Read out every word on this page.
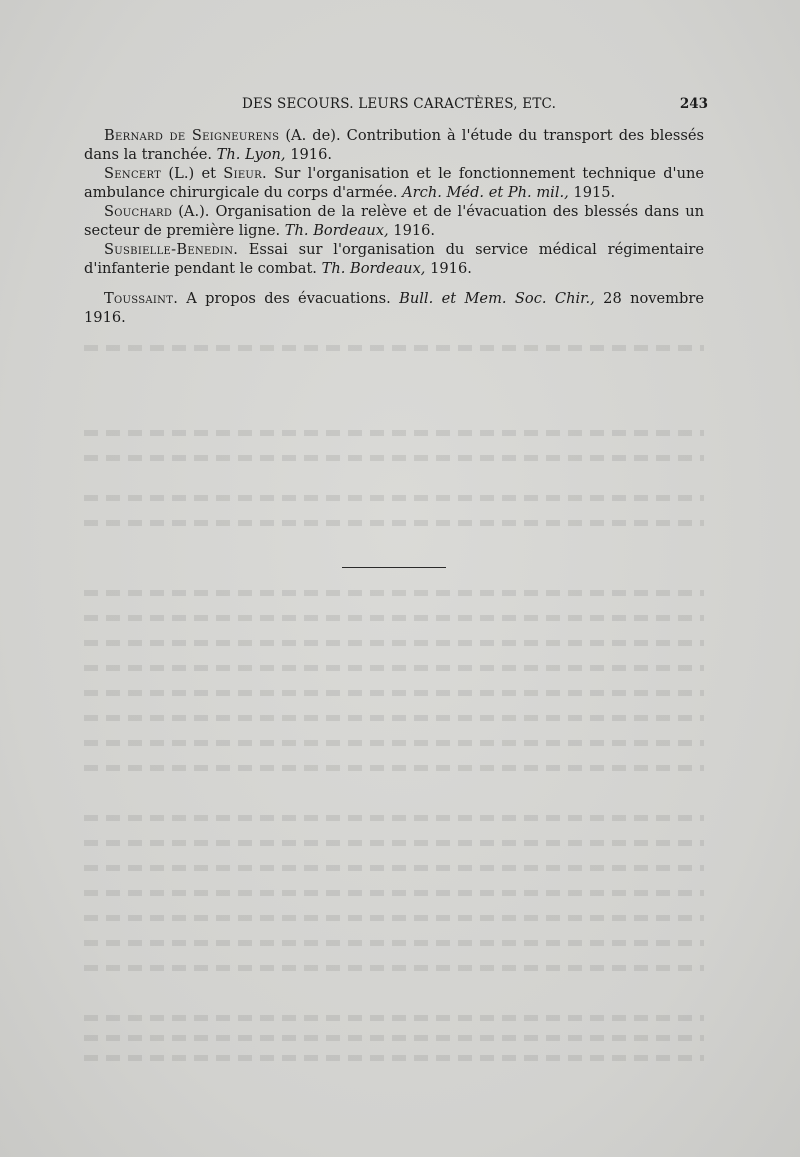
DES SECOURS. LEURS CARACTÈRES, ETC.	243

Bernard de Seigneurens (A. de). Contribution à l'étude du transport des blessés dans la tranchée. Th. Lyon, 1916.

Sencert (L.) et Sieur. Sur l'organisation et le fonctionnement technique d'une ambulance chirurgicale du corps d'armée. Arch. Méd. et Ph. mil., 1915.

Souchard (A.). Organisation de la relève et de l'évacuation des blessés dans un secteur de première ligne. Th. Bordeaux, 1916.

Susbielle-Benedin. Essai sur l'organisation du service médical régimentaire d'infanterie pendant le combat. Th. Bordeaux, 1916.

Toussaint. A propos des évacuations. Bull. et Mem. Soc. Chir., 28 novembre 1916.
